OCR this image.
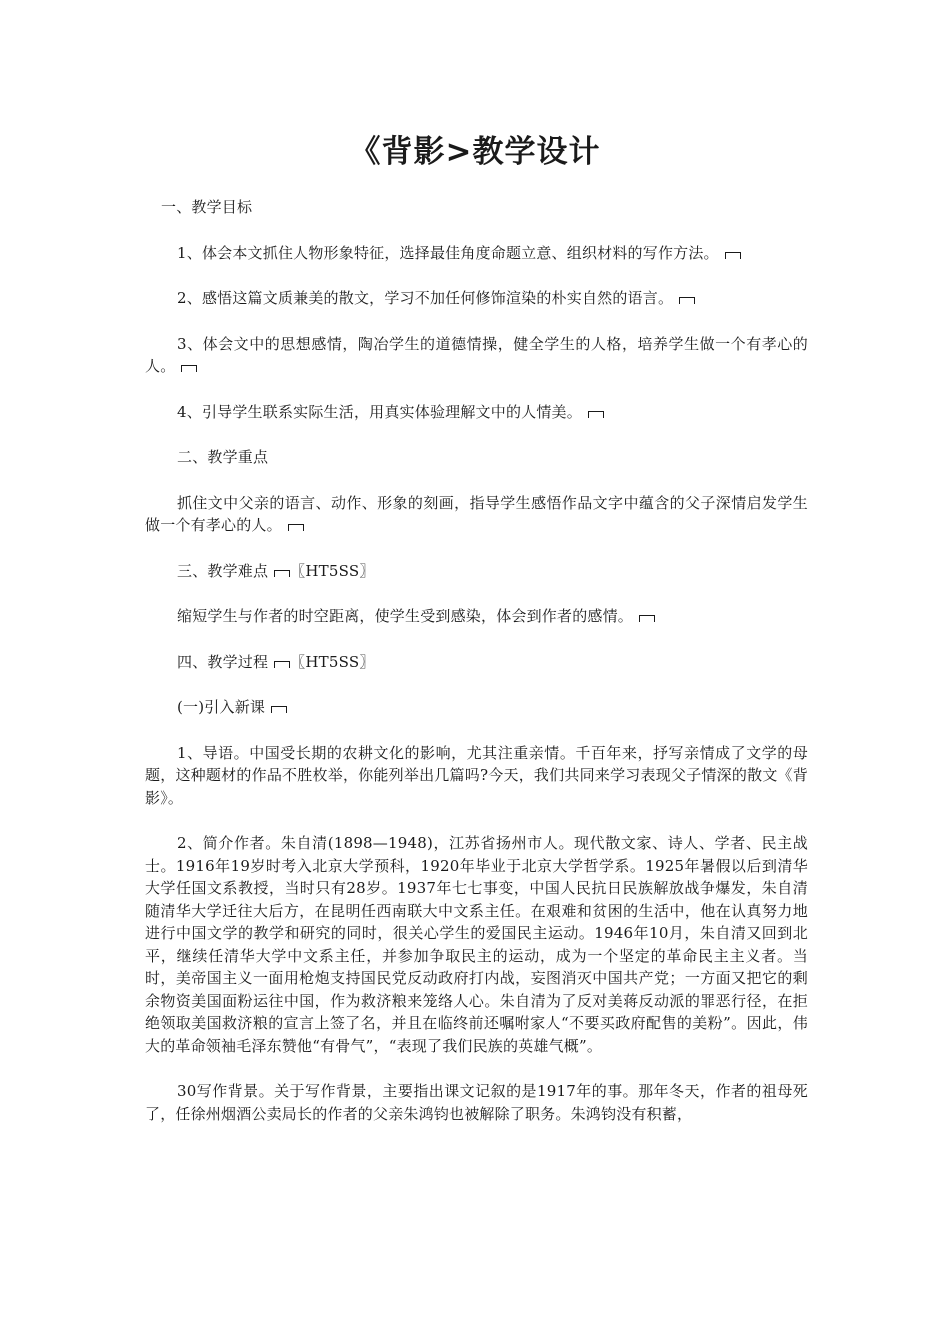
《背影>教学设计

一、教学目标

1、体会本文抓住人物形象特征，选择最佳角度命题立意、组织材料的写作方法。

2、感悟这篇文质兼美的散文，学习不加任何修饰渲染的朴实自然的语言。

3、体会文中的思想感情，陶冶学生的道德情操，健全学生的人格，培养学生做一个有孝心的人。

4、引导学生联系实际生活，用真实体验理解文中的人情美。

二、教学重点

抓住文中父亲的语言、动作、形象的刻画，指导学生感悟作品文字中蕴含的父子深情启发学生做一个有孝心的人。

三、教学难点 〖HT5SS〗

缩短学生与作者的时空距离，使学生受到感染，体会到作者的感情。

四、教学过程 〖HT5SS〗

(一)引入新课

1、导语。中国受长期的农耕文化的影响，尤其注重亲情。千百年来，抒写亲情成了文学的母题，这种题材的作品不胜枚举，你能列举出几篇吗?今天，我们共同来学习表现父子情深的散文《背影》。

2、简介作者。朱自清(1898—1948)，江苏省扬州市人。现代散文家、诗人、学者、民主战士。1916年19岁时考入北京大学预科，1920年毕业于北京大学哲学系。1925年暑假以后到清华大学任国文系教授，当时只有28岁。1937年七七事变，中国人民抗日民族解放战争爆发，朱自清随清华大学迁往大后方，在昆明任西南联大中文系主任。在艰难和贫困的生活中，他在认真努力地进行中国文学的教学和研究的同时，很关心学生的爱国民主运动。1946年10月，朱自清又回到北平，继续任清华大学中文系主任，并参加争取民主的运动，成为一个坚定的革命民主主义者。当时，美帝国主义一面用枪炮支持国民党反动政府打内战，妄图消灭中国共产党；一方面又把它的剩余物资美国面粉运往中国，作为救济粮来笼络人心。朱自清为了反对美蒋反动派的罪恶行径，在拒绝领取美国救济粮的宣言上签了名，并且在临终前还嘱咐家人“不要买政府配售的美粉”。因此，伟大的革命领袖毛泽东赞他“有骨气”，“表现了我们民族的英雄气概”。

30写作背景。关于写作背景，主要指出课文记叙的是1917年的事。那年冬天，作者的祖母死了，任徐州烟酒公卖局长的作者的父亲朱鸿钧也被解除了职务。朱鸿钧没有积蓄，
